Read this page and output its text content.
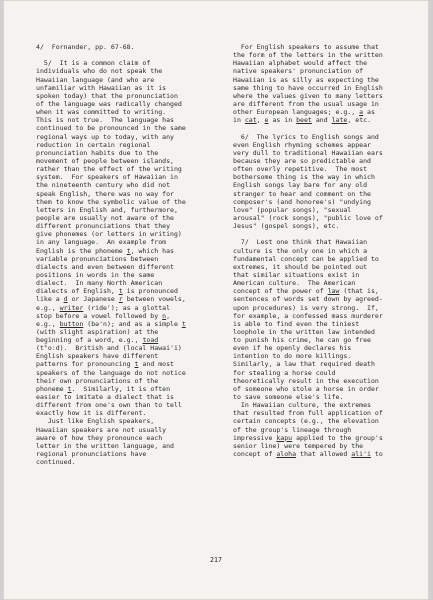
4/  Fornander, pp. 67-68.
5/  It is a common claim of
individuals who do not speak the
Hawaiian language (and who are
unfamiliar with Hawaiian as it is
spoken today) that the pronunciation
of the language was radically changed
when it was committed to writing.
This is not true.  The language has
continued to be pronounced in the same
regional ways up to today, with any
reduction in certain regional
pronunciation habits due to the
movement of people between islands,
rather than the effect of the writing
system.  For speakers of Hawaiian in
the nineteenth century who did not
speak English, there was no way for
them to know the symbolic value of the
letters in English and, furthermore,
people are usually not aware of the
different pronunciations that they
give phonemes (or letters in writing)
in any language.  An example from
English is the phoneme t, which has
variable pronunciations between
dialects and even between different
positions in words in the same
dialect.  In many North American
dialects of English, t is pronounced
like a d or Japanese r between vowels,
e.g., writer (rideʳ); as a glottal
stop before a vowel followed by n,
e.g., button (bə'n); and as a simple t
(with slight aspiration) at the
beginning of a word, e.g., toad
(tʰoːd).  British and (local Hawai'i)
English speakers have different
patterns for pronouncing t and most
speakers of the language do not notice
their own pronunciations of the
phoneme t.  Similarly, it is often
easier to imitate a dialect that is
different from one's own than to tell
exactly how it is different.
Just like English speakers,
Hawaiian speakers are not usually
aware of how they pronounce each
letter in the written language, and
regional pronunciations have
continued.
For English speakers to assume that
the form of the letters in the written
Hawaiian alphabet would affect the
native speakers' pronunciation of
Hawaiian is as silly as expecting the
same thing to have occurred in English
where the values given to many letters
are different from the usual usage in
other European languages; e.g., a as
in cat, e as in beet and late, etc.
6/  The lyrics to English songs and
even English rhyming schemes appear
very dull to traditional Hawaiian ears
because they are so predictable and
often overly repetitive.  The most
bothersome thing is the way in which
English songs lay bare for any old
stranger to hear and comment on the
composer's (and honoree's) "undying
love" (popular songs), "sexual
arousal" (rock songs), "public love of
Jesus" (gospel songs), etc.
7/  Lest one think that Hawaiian
culture is the only one in which a
fundamental concept can be applied to
extremes, it should be pointed out
that similar situations exist in
American culture.  The American
concept of the power of law (that is,
sentences of words set down by agreed-
upon procedures) is very strong.  If,
for example, a confessed mass murderer
is able to find even the tiniest
loophole in the written law intended
to punish his crime, he can go free
even if he openly declares his
intention to do more killings.
Similarly, a law that required death
for stealing a horse could
theoretically result in the execution
of someone who stole a horse in order
to save someone else's life.
In Hawaiian culture, the extremes
that resulted from full application of
certain concepts (e.g., the elevation
of the group's lineage through
impressive kapu applied to the group's
senior line) were tempered by the
concept of aloha that allowed ali'i to
217
